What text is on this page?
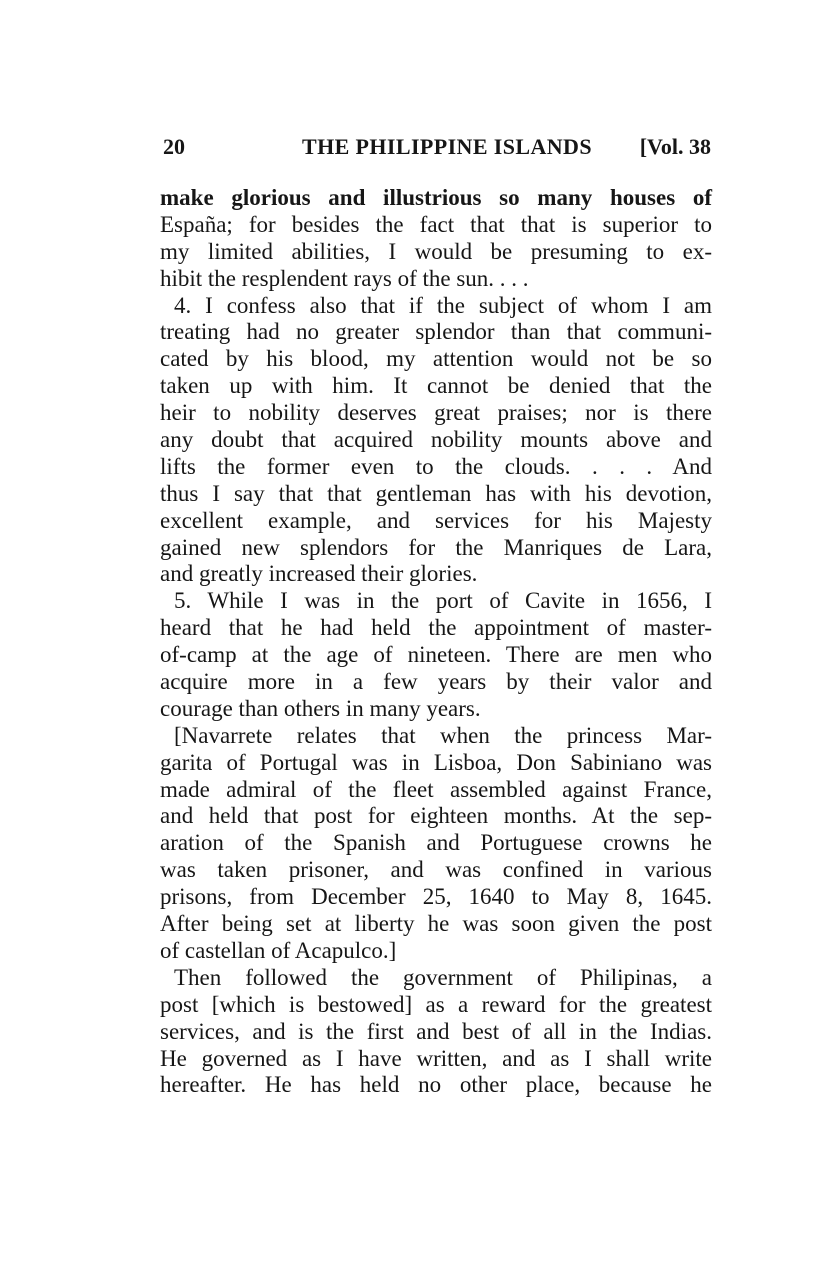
20	THE PHILIPPINE ISLANDS [Vol. 38
make glorious and illustrious so many houses of
España; for besides the fact that that is superior to
my limited abilities, I would be presuming to ex-
hibit the resplendent rays of the sun. . . .
4. I confess also that if the subject of whom I am
treating had no greater splendor than that communi-
cated by his blood, my attention would not be so
taken up with him. It cannot be denied that the
heir to nobility deserves great praises; nor is there
any doubt that acquired nobility mounts above and
lifts the former even to the clouds. . . . And
thus I say that that gentleman has with his devotion,
excellent example, and services for his Majesty
gained new splendors for the Manriques de Lara,
and greatly increased their glories.
5. While I was in the port of Cavite in 1656, I
heard that he had held the appointment of master-
of-camp at the age of nineteen. There are men who
acquire more in a few years by their valor and
courage than others in many years.
[Navarrete relates that when the princess Mar-
garita of Portugal was in Lisboa, Don Sabiniano was
made admiral of the fleet assembled against France,
and held that post for eighteen months. At the sep-
aration of the Spanish and Portuguese crowns he
was taken prisoner, and was confined in various
prisons, from December 25, 1640 to May 8, 1645.
After being set at liberty he was soon given the post
of castellan of Acapulco.]
Then followed the government of Philipinas, a
post [which is bestowed] as a reward for the greatest
services, and is the first and best of all in the Indias.
He governed as I have written, and as I shall write
hereafter. He has held no other place, because he
